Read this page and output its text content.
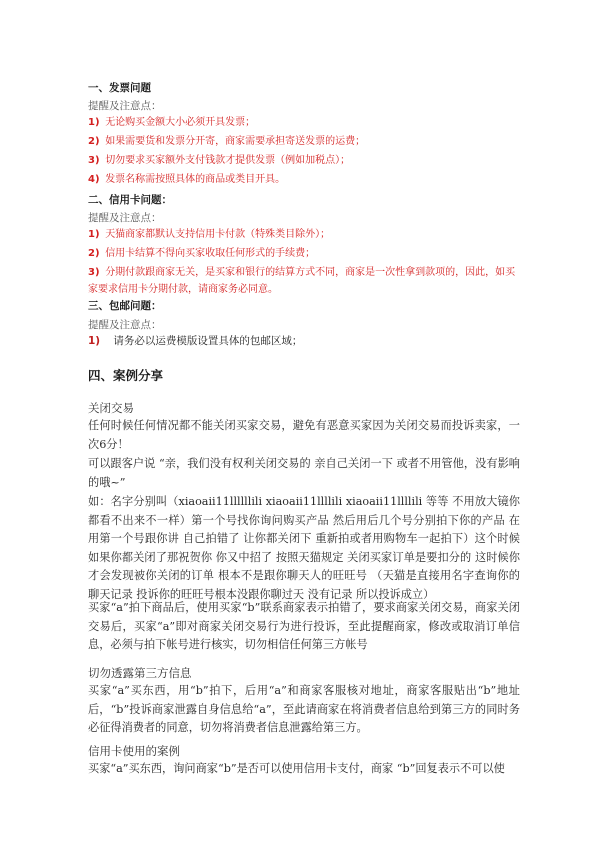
一、发票问题
提醒及注意点：
1) 无论购买金额大小必须开具发票；
2) 如果需要货和发票分开寄，商家需要承担寄送发票的运费；
3) 切勿要求买家额外支付钱款才提供发票（例如加税点）；
4) 发票名称需按照具体的商品或类目开具。
二、信用卡问题：
提醒及注意点：
1) 天猫商家都默认支持信用卡付款（特殊类目除外）；
2) 信用卡结算不得向买家收取任何形式的手续费；
3) 分期付款跟商家无关，是买家和银行的结算方式不同，商家是一次性拿到款项的，因此，如买家要求信用卡分期付款，请商家务必同意。
三、包邮问题：
提醒及注意点：
1) 请务必以运费模版设置具体的包邮区域；
四、案例分享
关闭交易
任何时候任何情况都不能关闭买家交易，避免有恶意买家因为关闭交易而投诉卖家，一次6分！
可以跟客户说 “亲，我们没有权利关闭交易的 亲自己关闭一下 或者不用管他，没有影响的哦~”
如：名字分别叫（xiaoaii11llllllili xiaoaii11llllili xiaoaii11llllili 等等 不用放大镜你都看不出来不一样）第一个号找你询问购买产品 然后用后几个号分别拍下你的产品 在用第一个号跟你讲 自己拍错了 让你都关闭下 重新拍或者用购物车一起拍下）这个时候如果你都关闭了那祝贺你 你又中招了 按照天猫规定 关闭买家订单是要扣分的 这时候你才会发现被你关闭的订单 根本不是跟你聊天人的旺旺号 （天猫是直接用名字查询你的聊天记录 投诉你的旺旺号根本没跟你聊过天 没有记录 所以投诉成立）
买家“a”拍下商品后，使用买家“b”联系商家表示拍错了，要求商家关闭交易，商家关闭交易后，买家“a”即对商家关闭交易行为进行投诉，至此提醒商家，修改或取消订单信息，必须与拍下帐号进行核实，切勿相信任何第三方帐号
切勿透露第三方信息
买家“a”买东西，用“b”拍下，后用“a”和商家客服核对地址，商家客服贴出“b”地址后，“b”投诉商家泄露自身信息给“a”，至此请商家在将消费者信息给到第三方的同时务必征得消费者的同意，切勿将消费者信息泄露给第三方。
信用卡使用的案例
买家“a”买东西，询问商家“b”是否可以使用信用卡支付，商家 “b”回复表示不可以使
